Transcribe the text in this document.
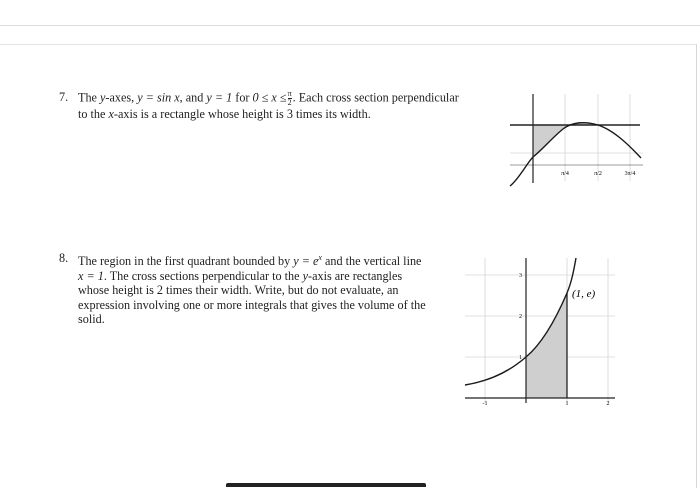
7. The y-axes, y = sin x, and y = 1 for $0 \le x \le \frac{\pi}{2}$ . Each cross section perpendicular
to the x-axis is a rectangle whose height is 3 times its width.
π/4	π/2	3π/4
8. The region in the first quadrant bounded by $y = e^x$ and the vertical line
x = 1. The cross sections perpendicular to the y-axis are rectangles
whose height is 2 times their width. Write, but do not evaluate, an
expression involving one or more integrals that gives the volume of the
solid.
-1	1	2
1
2
3
(1, e)
